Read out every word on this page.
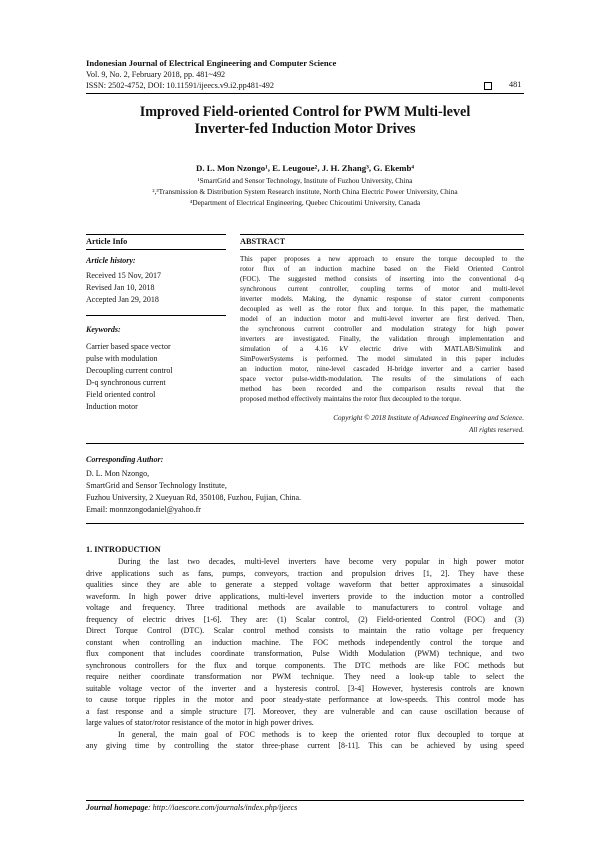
Indonesian Journal of Electrical Engineering and Computer Science
Vol. 9, No. 2, February 2018, pp. 481~492
ISSN: 2502-4752, DOI: 10.11591/ijeecs.v9.i2.pp481-492	481
Improved Field-oriented Control for PWM Multi-level
Inverter-fed Induction Motor Drives
D. L. Mon Nzongo¹, E. Leugoue², J. H. Zhang³, G. Ekemb⁴
¹SmartGrid and Sensor Technology, Institute of Fuzhou University, China
²,³Transmission & Distribution System Research institute, North China Electric Power University, China
⁴Department of Electrical Engineering, Quebec Chicoutimi University, Canada
Article Info	ABSTRACT
Article history:
Received 15 Nov, 2017
Revised Jan 10, 2018
Accepted Jan 29, 2018
Keywords:
Carrier based space vector
pulse with modulation
Decoupling current control
D-q synchronous current
Field oriented control
Induction motor
This paper proposes a new approach to ensure the torque decoupled to the
rotor flux of an induction machine based on the Field Oriented Control
(FOC). The suggested method consists of inserting into the conventional d-q
synchronous current controller, coupling terms of motor and multi-level
inverter models. Making, the dynamic response of stator current components
decoupled as well as the rotor flux and torque. In this paper, the mathematic
model of an induction motor and multi-level inverter are first derived. Then,
the synchronous current controller and modulation strategy for high power
inverters are investigated. Finally, the validation through implementation and
simulation of a 4.16 kV electric drive with MATLAB/Simulink and
SimPowerSystems is performed. The model simulated in this paper includes
an induction motor, nine-level cascaded H-bridge inverter and a carrier based
space vector pulse-width-modulation. The results of the simulations of each
method has been recorded and the comparison results reveal that the
proposed method effectively maintains the rotor flux decoupled to the torque.
Copyright © 2018 Institute of Advanced Engineering and Science.
All rights reserved.
Corresponding Author:
D. L. Mon Nzongo,
SmartGrid and Sensor Technology Institute,
Fuzhou University, 2 Xueyuan Rd, 350108, Fuzhou, Fujian, China.
Email: monnzongodaniel@yahoo.fr
1. INTRODUCTION
During the last two decades, multi-level inverters have become very popular in high power motor
drive applications such as fans, pumps, conveyors, traction and propulsion drives [1, 2]. They have these
qualities since they are able to generate a stepped voltage waveform that better approximates a sinusoidal
waveform. In high power drive applications, multi-level inverters provide to the induction motor a controlled
voltage and frequency. Three traditional methods are available to manufacturers to control voltage and
frequency of electric drives [1-6]. They are: (1) Scalar control, (2) Field-oriented Control (FOC) and (3)
Direct Torque Control (DTC). Scalar control method consists to maintain the ratio voltage per frequency
constant when controlling an induction machine. The FOC methods independently control the torque and
flux component that includes coordinate transformation, Pulse Width Modulation (PWM) technique, and two
synchronous controllers for the flux and torque components. The DTC methods are like FOC methods but
require neither coordinate transformation nor PWM technique. They need a look-up table to select the
suitable voltage vector of the inverter and a hysteresis control. [3-4] However, hysteresis controls are known
to cause torque ripples in the motor and poor steady-state performance at low-speeds. This control mode has
a fast response and a simple structure [7]. Moreover, they are vulnerable and can cause oscillation because of
large values of stator/rotor resistance of the motor in high power drives.
In general, the main goal of FOC methods is to keep the oriented rotor flux decoupled to torque at
any giving time by controlling the stator three-phase current [8-11]. This can be achieved by using speed
Journal homepage: http://iaescore.com/journals/index.php/ijeecs
